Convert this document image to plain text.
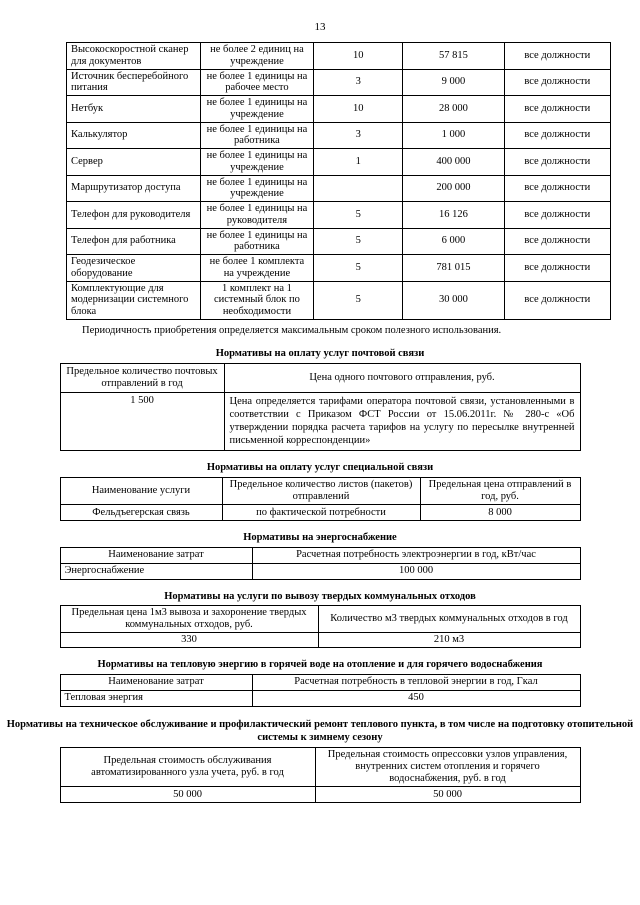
13
Высокоскоростной сканер для документов	не более 2 единиц на учреждение	10	57 815	все должности
Источник бесперебойного питания	не более 1 единицы на рабочее место	3	9 000	все должности
Нетбук	не более 1 единицы на учреждение	10	28 000	все должности
Калькулятор	не более 1 единицы на работника	3	1 000	все должности
Сервер	не более 1 единицы на учреждение	1	400 000	все должности
Маршрутизатор доступа	не более 1 единицы на учреждение		200 000	все должности
Телефон для руководителя	не более 1 единицы на руководителя	5	16 126	все должности
Телефон для работника	не более 1 единицы на работника	5	6 000	все должности
Геодезическое оборудование	не более 1 комплекта на учреждение	5	781 015	все должности
Комплектующие для модернизации системного блока	1 комплект на 1 системный блок по необходимости	5	30 000	все должности

Периодичность приобретения определяется максимальным сроком полезного использования.

Нормативы на оплату услуг почтовой связи
Предельное количество почтовых отправлений в год	Цена одного почтового отправления, руб.
1 500	Цена определяется тарифами оператора почтовой связи, установленными в соответствии с Приказом ФСТ России от 15.06.2011г. № 280-с «Об утверждении порядка расчета тарифов на услугу по пересылке внутренней письменной корреспонденции»
Нормативы на оплату услуг специальной связи
Наименование услуги	Предельное количество листов (пакетов) отправлений	Предельная цена отправлений в год, руб.
Фельдъегерская связь	по фактической потребности	8 000
Нормативы на энергоснабжение
Наименование затрат	Расчетная потребность электроэнергии в год, кВт/час
Энергоснабжение	100 000
Нормативы на услуги по вывозу твердых коммунальных отходов
Предельная цена 1м3 вывоза и захоронение твердых коммунальных отходов, руб.	Количество м3 твердых коммунальных отходов в год
330	210 м3
Нормативы на тепловую энергию в горячей воде на отопление и для горячего водоснабжения
Наименование затрат	Расчетная потребность в тепловой энергии в год, Гкал
Тепловая энергия	450
Нормативы на техническое обслуживание и профилактический ремонт теплового пункта, в том числе на подготовку отопительной системы к зимнему сезону
Предельная стоимость обслуживания автоматизированного узла учета, руб. в год	Предельная стоимость опрессовки узлов управления, внутренних систем отопления и горячего водоснабжения, руб. в год
50 000	50 000
